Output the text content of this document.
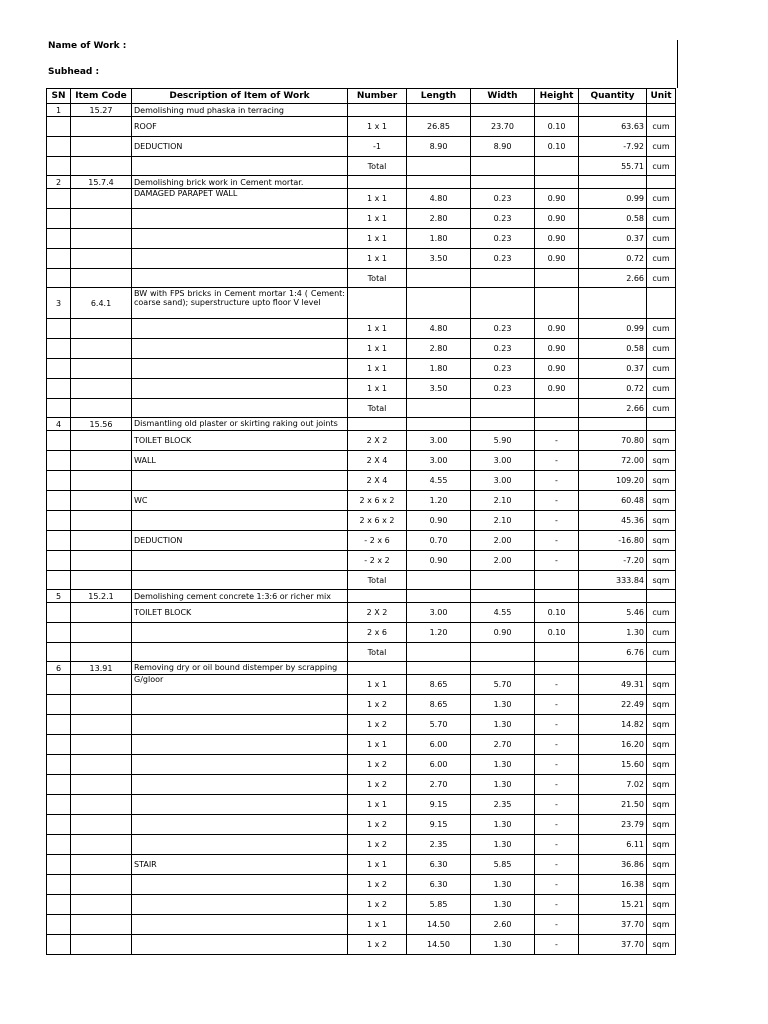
Name of Work :
Subhead :
SN	Item Code	Description of Item of Work	Number	Length	Width	Height	Quantity	Unit
1	15.27	Demolishing mud phaska in terracing						
		ROOF	1 x 1	26.85	23.70	0.10	63.63	cum
		DEDUCTION	-1	8.90	8.90	0.10	-7.92	cum
			Total				55.71	cum
2	15.7.4	Demolishing brick work in Cement mortar.						
		DAMAGED PARAPET WALL	1 x 1	4.80	0.23	0.90	0.99	cum
			1 x 1	2.80	0.23	0.90	0.58	cum
			1 x 1	1.80	0.23	0.90	0.37	cum
			1 x 1	3.50	0.23	0.90	0.72	cum
			Total				2.66	cum
3	6.4.1	BW with FPS bricks in Cement mortar 1:4 ( Cement: coarse sand); superstructure upto floor V level						
			1 x 1	4.80	0.23	0.90	0.99	cum
			1 x 1	2.80	0.23	0.90	0.58	cum
			1 x 1	1.80	0.23	0.90	0.37	cum
			1 x 1	3.50	0.23	0.90	0.72	cum
			Total				2.66	cum
4	15.56	Dismantling old plaster or skirting raking out joints						
		TOILET BLOCK	2 X 2	3.00	5.90	-	70.80	sqm
		WALL	2 X 4	3.00	3.00	-	72.00	sqm
			2 X 4	4.55	3.00	-	109.20	sqm
		WC	2 x 6 x 2	1.20	2.10	-	60.48	sqm
			2 x 6 x 2	0.90	2.10	-	45.36	sqm
		DEDUCTION	- 2 x 6	0.70	2.00	-	-16.80	sqm
			- 2 x 2	0.90	2.00	-	-7.20	sqm
			Total				333.84	sqm
5	15.2.1	Demolishing cement concrete 1:3:6 or richer mix						
		TOILET BLOCK	2 X 2	3.00	4.55	0.10	5.46	cum
			2 x 6	1.20	0.90	0.10	1.30	cum
			Total				6.76	cum
6	13.91	Removing dry or oil bound distemper by scrapping						
		G/gloor	1 x 1	8.65	5.70	-	49.31	sqm
			1 x 2	8.65	1.30	-	22.49	sqm
			1 x 2	5.70	1.30	-	14.82	sqm
			1 x 1	6.00	2.70	-	16.20	sqm
			1 x 2	6.00	1.30	-	15.60	sqm
			1 x 2	2.70	1.30	-	7.02	sqm
			1 x 1	9.15	2.35	-	21.50	sqm
			1 x 2	9.15	1.30	-	23.79	sqm
			1 x 2	2.35	1.30	-	6.11	sqm
		STAIR	1 x 1	6.30	5.85	-	36.86	sqm
			1 x 2	6.30	1.30	-	16.38	sqm
			1 x 2	5.85	1.30	-	15.21	sqm
			1 x 1	14.50	2.60	-	37.70	sqm
			1 x 2	14.50	1.30	-	37.70	sqm
